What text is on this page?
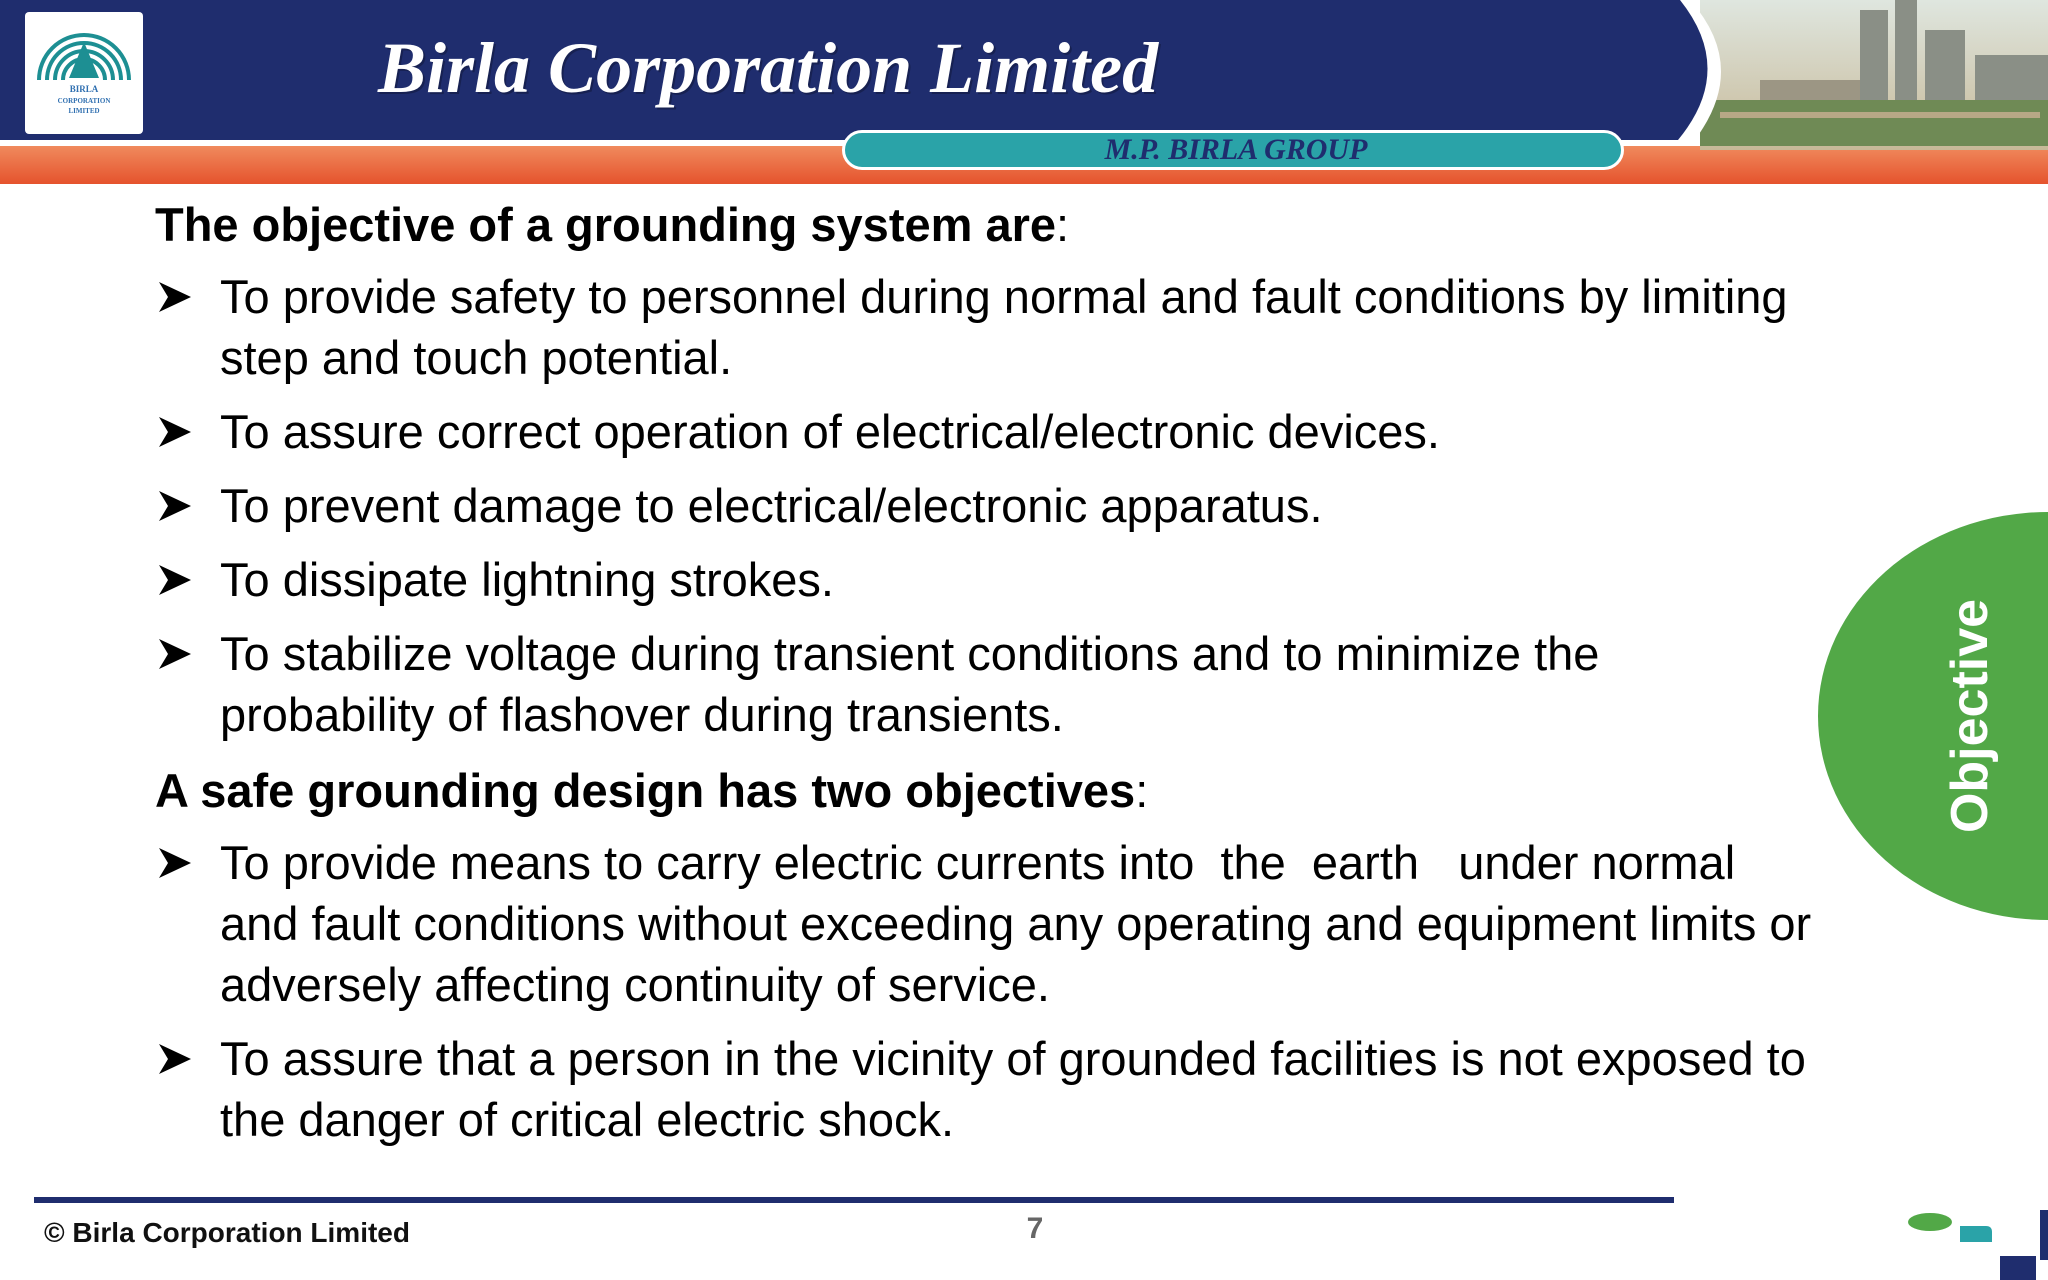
BIRLA
CORPORATION
LIMITED
Birla Corporation Limited
M.P. BIRLA GROUP

The objective of a grounding system are:

To provide safety to personnel during normal and fault conditions by limiting step and touch potential.
To assure correct operation of electrical/electronic devices.
To prevent damage to electrical/electronic apparatus.
To dissipate lightning strokes.
To stabilize voltage during transient conditions and to minimize the probability of flashover during transients.

A safe grounding design has two objectives:

To provide means to carry electric currents into  the  earth   under normal and fault conditions without exceeding any operating and equipment limits or adversely affecting continuity of service.
To assure that a person in the vicinity of grounded facilities is not exposed to the danger of critical electric shock.
Objective
© Birla Corporation Limited	7
